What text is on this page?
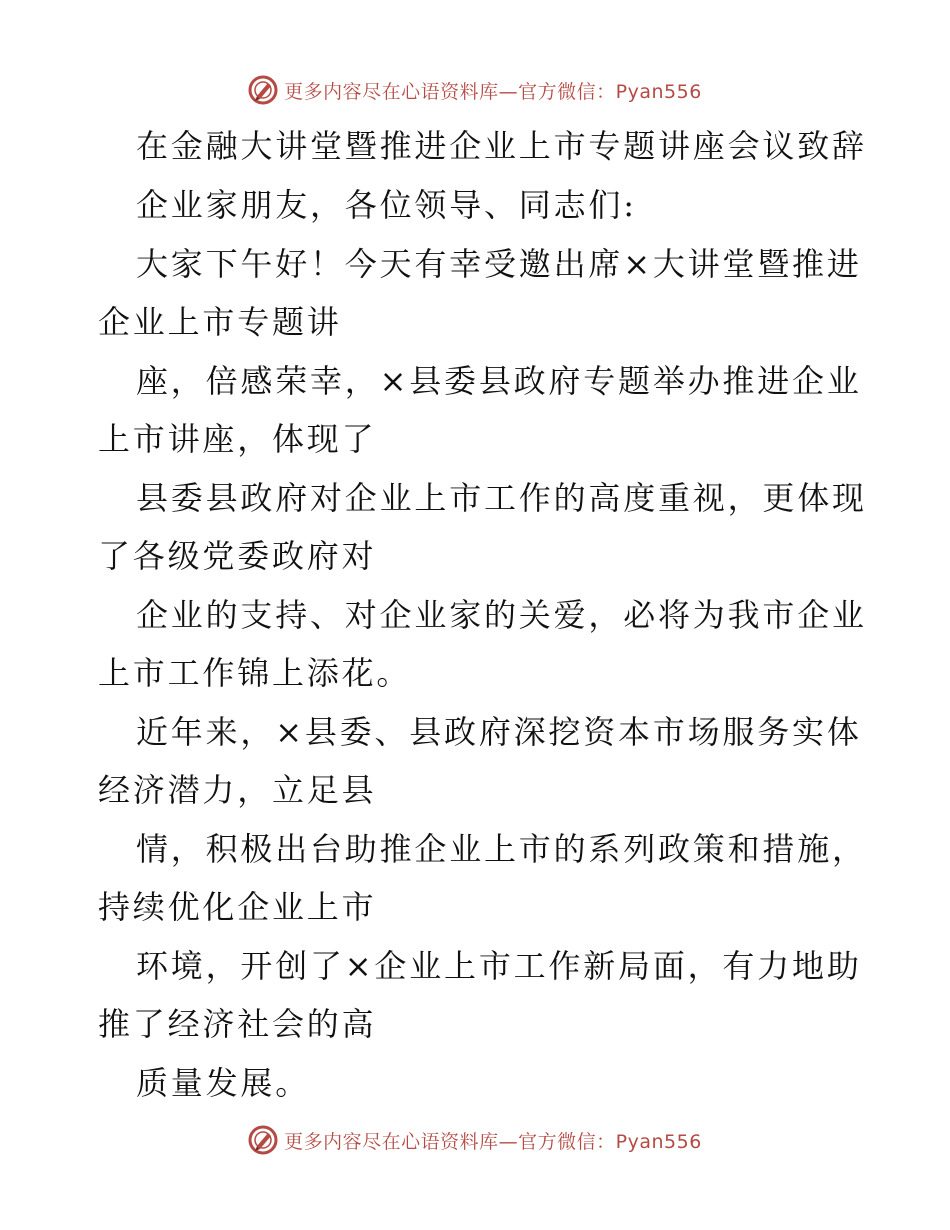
更多内容尽在心语资料库—官方微信：Pyan556
在金融大讲堂暨推进企业上市专题讲座会议致辞
企业家朋友，各位领导、同志们:
大家下午好！今天有幸受邀出席×大讲堂暨推进
企业上市专题讲
座，倍感荣幸，×县委县政府专题举办推进企业
上市讲座，体现了
县委县政府对企业上市工作的高度重视，更体现
了各级党委政府对
企业的支持、对企业家的关爱，必将为我市企业
上市工作锦上添花。
近年来，×县委、县政府深挖资本市场服务实体
经济潜力，立足县
情，积极出台助推企业上市的系列政策和措施，
持续优化企业上市
环境，开创了×企业上市工作新局面，有力地助
推了经济社会的高
质量发展。
更多内容尽在心语资料库—官方微信：Pyan556
